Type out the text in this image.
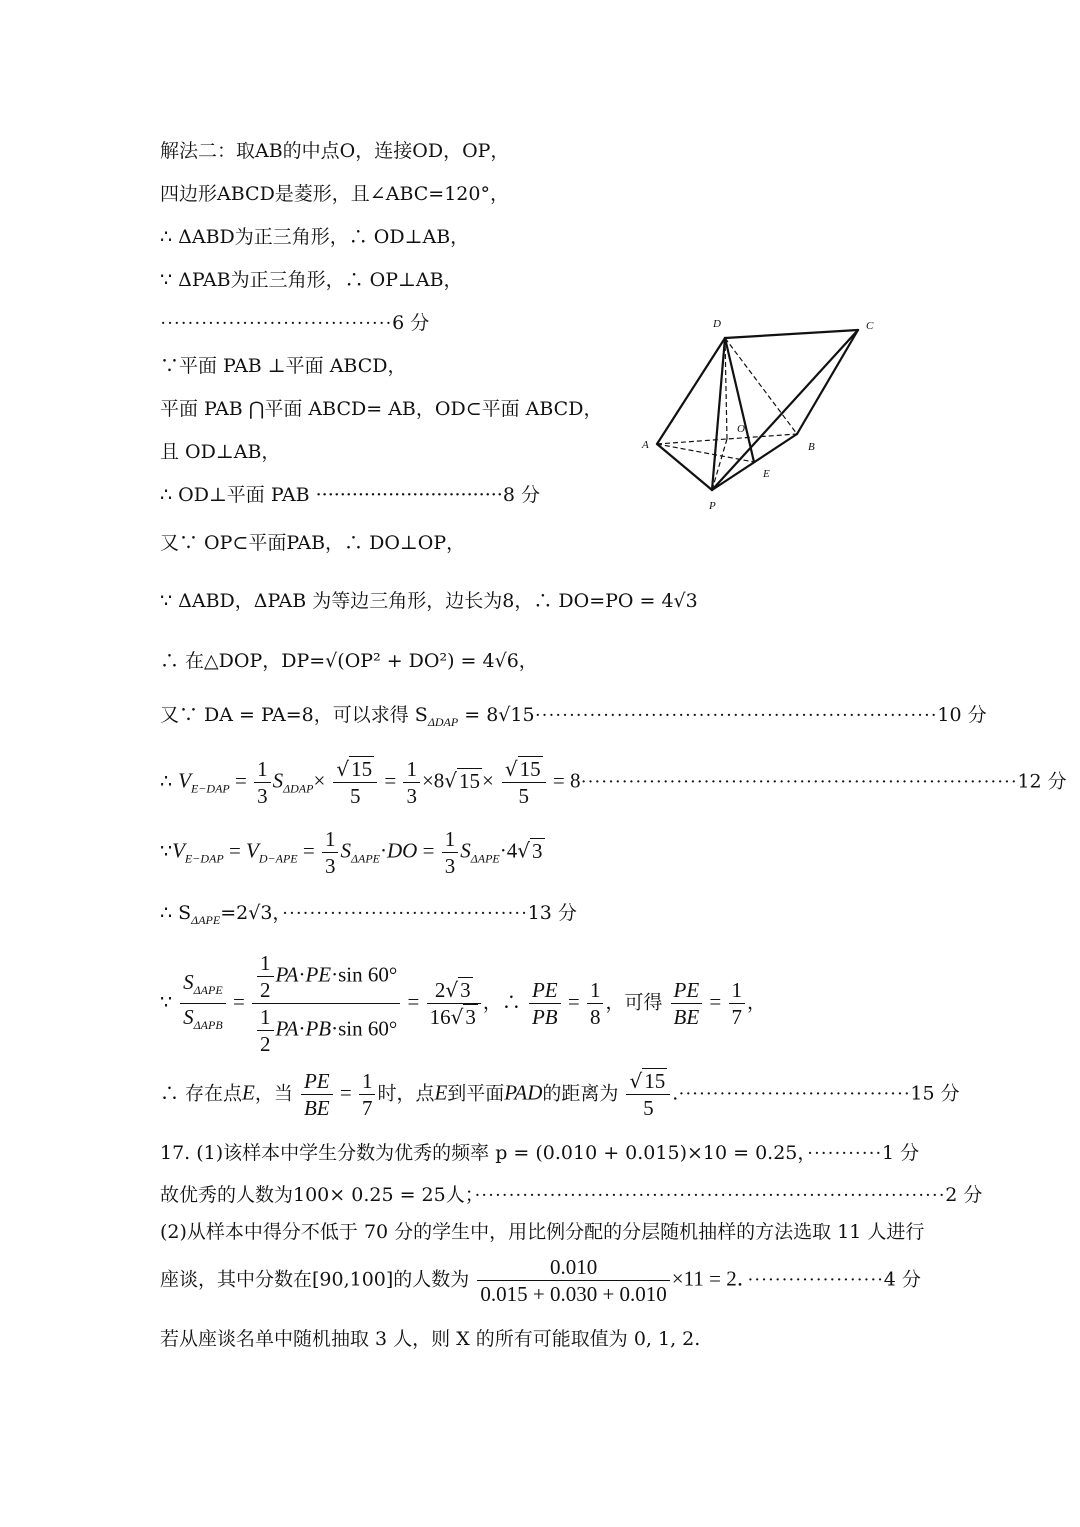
解法二：取AB的中点O，连接OD，OP，
四边形ABCD是菱形，且∠ABC=120°，
∴ ΔABD为正三角形，∴ OD⊥AB，
∵ ΔPAB为正三角形，∴ OP⊥AB，
··································6 分
∵平面 PAB ⊥平面 ABCD，
平面 PAB ⋂平面 ABCD= AB，OD⊂平面 ABCD，
且 OD⊥AB，
∴ OD⊥平面 PAB ·······························8 分
又∵ OP⊂平面PAB，∴ DO⊥OP，
∵ ΔABD，ΔPAB 为等边三角形，边长为8，∴ DO=PO = 4√3
∴ 在△DOP，DP=√(OP² + DO²) = 4√6，
又∵ DA = PA=8，可以求得 $S_{\Delta DAP} = 8√15\cdot\cdot\cdot\cdot\cdot\cdot\cdot\cdot\cdot\cdot\cdot\cdot\cdot\cdot\cdot\cdot\cdot\cdot\cdot\cdot\cdot\cdot\cdot\cdot\cdot\cdot\cdot\cdot\cdot\cdot\cdot\cdot\cdot\cdot\cdot\cdot\cdot\cdot\cdot\cdot\cdot\cdot\cdot\cdot\cdot\cdot\cdot\cdot\cdot\cdot\cdot\cdot\cdot\cdot\cdot\cdot\cdot\cdot\cdot 10$ 分
∴ $V_{E-DAP} = \frac{1}{3} S_{\Delta DAP}\times \frac{√15}{5} = \frac{1}{3} \times 8√15\times \frac{√15}{5} = 8\cdot\cdot\cdot\cdot\cdot\cdot\cdot\cdot\cdot\cdot\cdot\cdot\cdot\cdot\cdot\cdot\cdot\cdot\cdot\cdot\cdot\cdot\cdot\cdot\cdot\cdot\cdot\cdot\cdot\cdot\cdot\cdot\cdot\cdot\cdot\cdot\cdot\cdot\cdot\cdot\cdot\cdot\cdot\cdot\cdot\cdot\cdot\cdot\cdot\cdot\cdot\cdot\cdot\cdot\cdot\cdot\cdot\cdot\cdot\cdot\cdot\cdot\cdot\cdot 12$ 分
$\because V_{E-DAP} = V_{D-APE} = \frac{1}{3} S_{\Delta APE}\cdot DO = \frac{1}{3} S_{\Delta APE}\cdot 4√3$
∴ $S_{\Delta APE}=2√3$，····································13 分
∵ $\frac{S_{\Delta APE}}{S_{\Delta APB}} = \frac{\frac{1}{2} PA\cdot PE\cdot\sin 60^\circ}{\frac{1}{2} PA\cdot PB\cdot\sin 60^\circ} = \frac{2√3}{16√3}$ ，∴ $\frac{PE}{PB} = \frac{1}{8}$ ，可得 $\frac{PE}{BE} = \frac{1}{7}$ ，
∴ 存在点E，当 $\frac{PE}{BE} = \frac{1}{7}$ 时，点E到平面PAD的距离为 $\frac{√15}{5} .\cdot\cdot\cdot\cdot\cdot\cdot\cdot\cdot\cdot\cdot\cdot\cdot\cdot\cdot\cdot\cdot\cdot\cdot\cdot\cdot\cdot\cdot\cdot\cdot\cdot\cdot\cdot\cdot\cdot\cdot\cdot\cdot\cdot\cdot 15$ 分
17. (1)该样本中学生分数为优秀的频率 p = (0.010 + 0.015)×10 = 0.25，···········1 分
故优秀的人数为100× 0.25 = 25人；·····································································2 分
(2)从样本中得分不低于 70 分的学生中，用比例分配的分层随机抽样的方法选取 11 人进行
座谈，其中分数在[90,100]的人数为 $\frac{0.010}{0.015 + 0.030 + 0.010} \times 11 = 2$．····················4 分
若从座谈名单中随机抽取 3 人，则 X 的所有可能取值为 0, 1, 2.
D	C
A	B
O
E
P
